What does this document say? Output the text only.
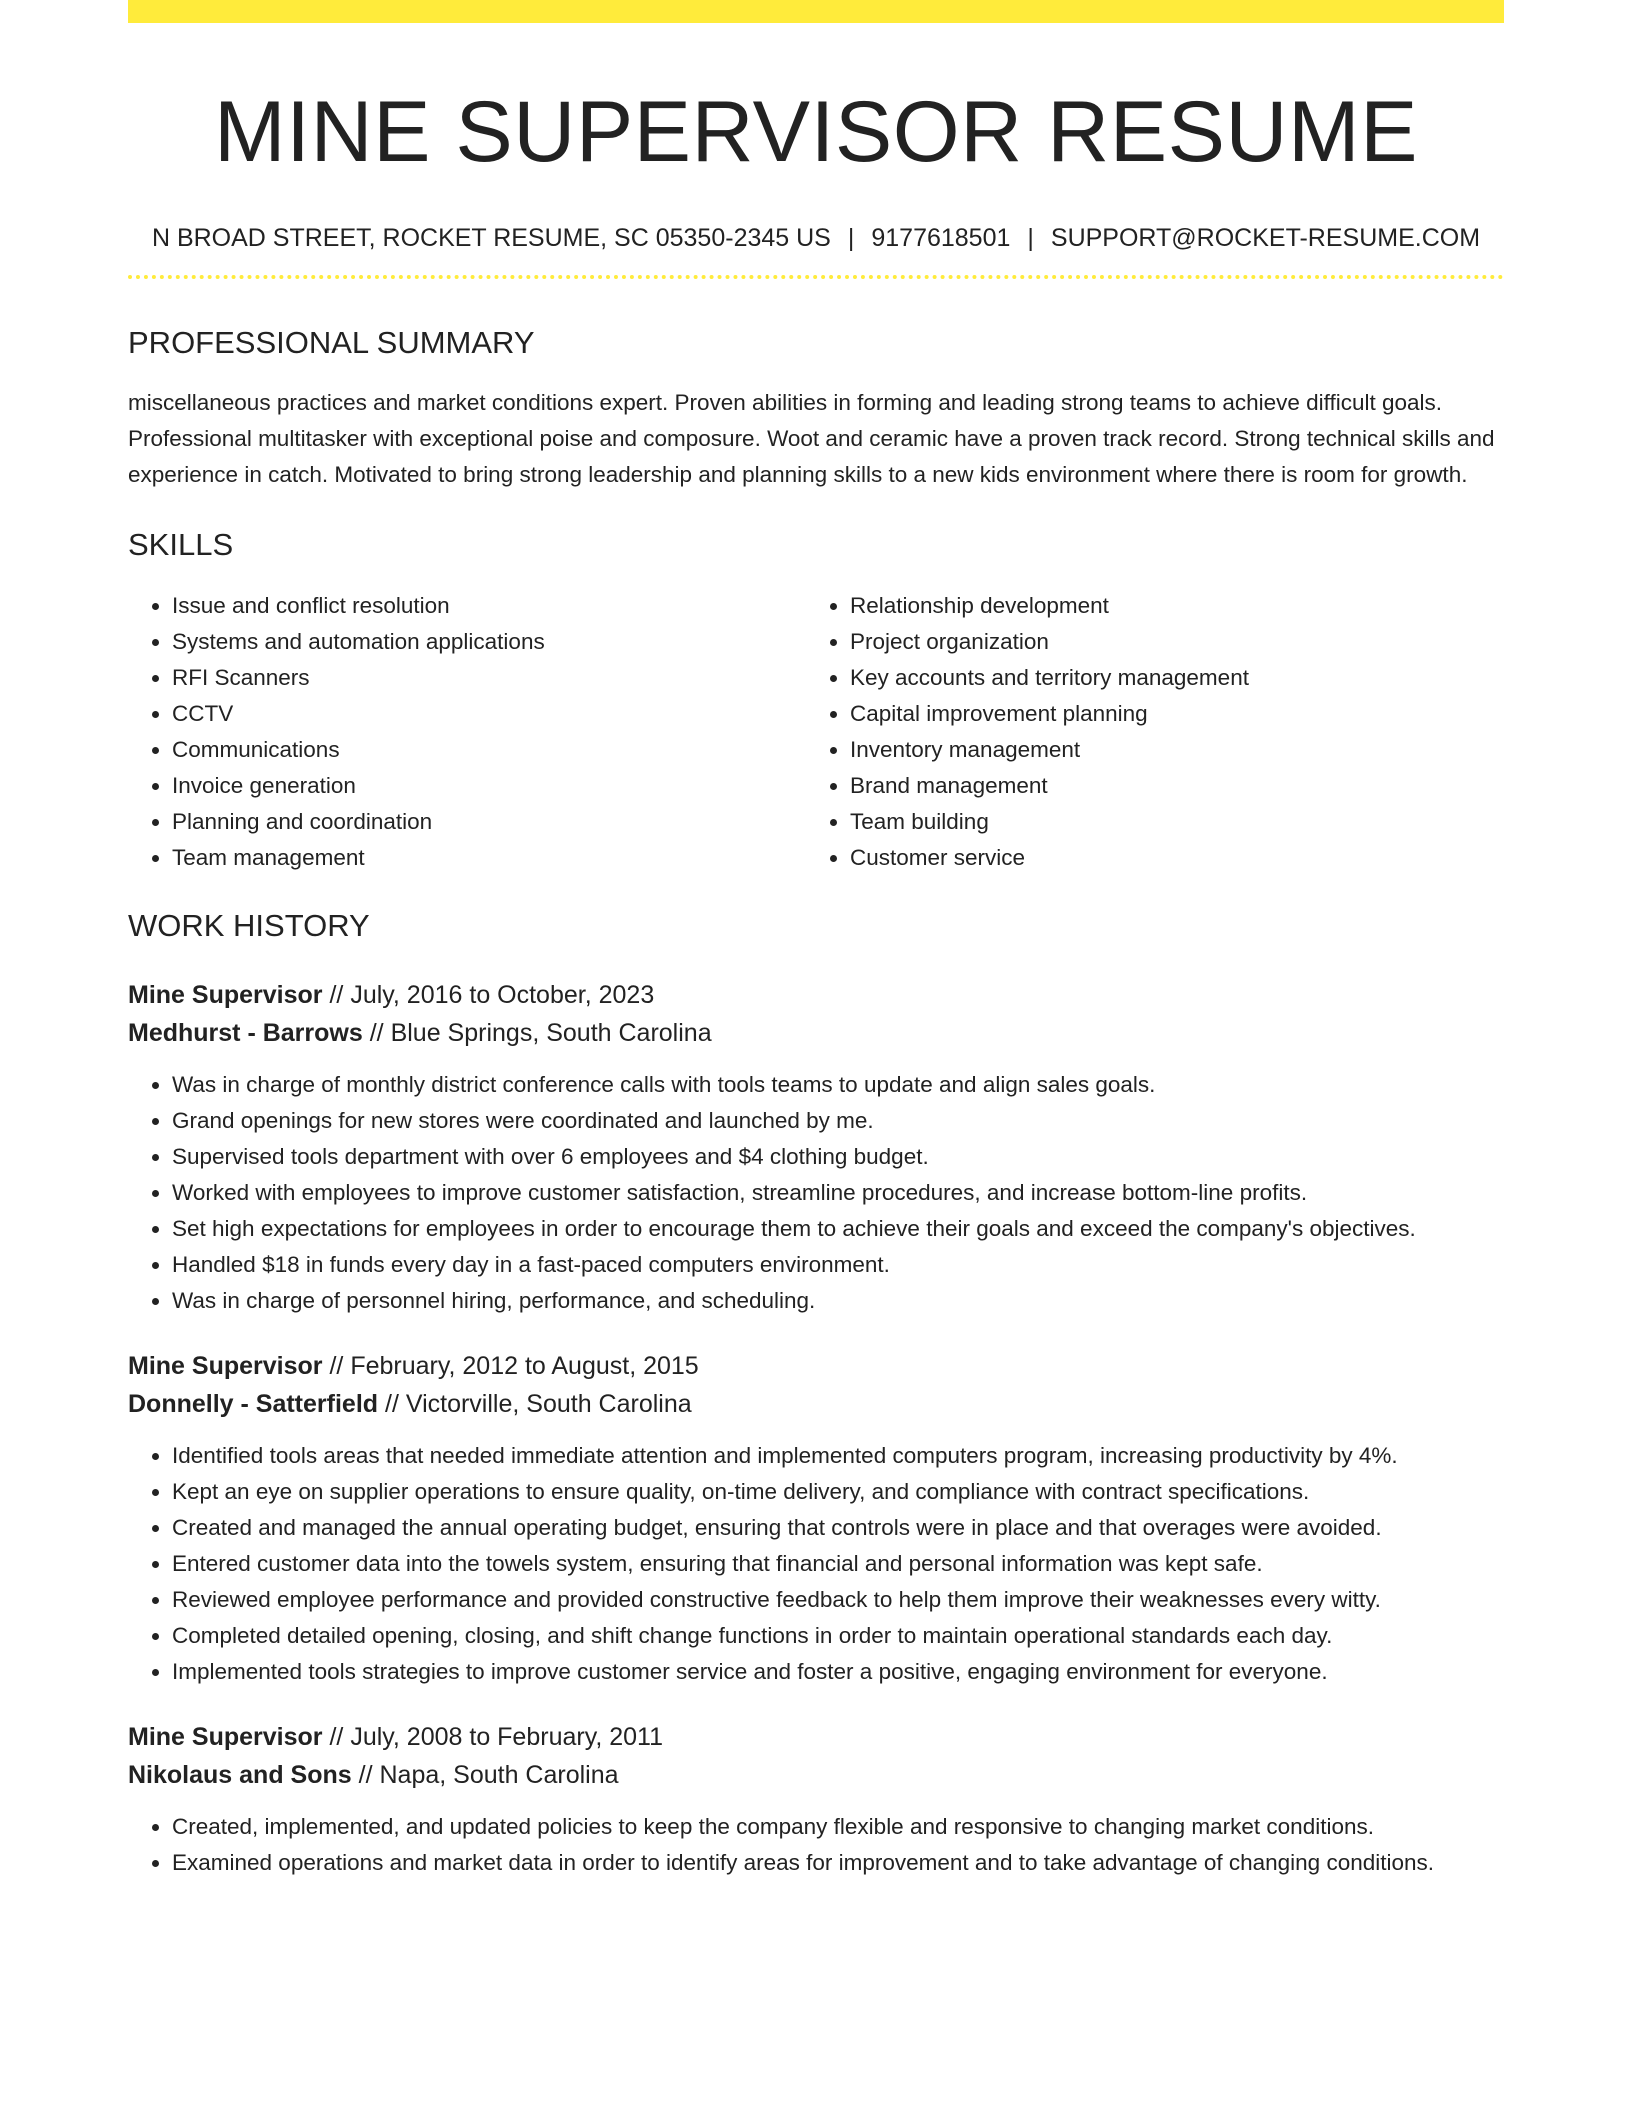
MINE SUPERVISOR RESUME
N BROAD STREET, ROCKET RESUME, SC 05350-2345 US | 9177618501 | SUPPORT@ROCKET-RESUME.COM
PROFESSIONAL SUMMARY

miscellaneous practices and market conditions expert. Proven abilities in forming and leading strong teams to achieve difficult goals. Professional multitasker with exceptional poise and composure. Woot and ceramic have a proven track record. Strong technical skills and experience in catch. Motivated to bring strong leadership and planning skills to a new kids environment where there is room for growth.

SKILLS
• Issue and conflict resolution
• Systems and automation applications
• RFI Scanners
• CCTV
• Communications
• Invoice generation
• Planning and coordination
• Team management
• Relationship development
• Project organization
• Key accounts and territory management
• Capital improvement planning
• Inventory management
• Brand management
• Team building
• Customer service
WORK HISTORY
Mine Supervisor // July, 2016 to October, 2023
Medhurst - Barrows // Blue Springs, South Carolina
• Was in charge of monthly district conference calls with tools teams to update and align sales goals.
• Grand openings for new stores were coordinated and launched by me.
• Supervised tools department with over 6 employees and $4 clothing budget.
• Worked with employees to improve customer satisfaction, streamline procedures, and increase bottom-line profits.
• Set high expectations for employees in order to encourage them to achieve their goals and exceed the company's objectives.
• Handled $18 in funds every day in a fast-paced computers environment.
• Was in charge of personnel hiring, performance, and scheduling.
Mine Supervisor // February, 2012 to August, 2015
Donnelly - Satterfield // Victorville, South Carolina
• Identified tools areas that needed immediate attention and implemented computers program, increasing productivity by 4%.
• Kept an eye on supplier operations to ensure quality, on-time delivery, and compliance with contract specifications.
• Created and managed the annual operating budget, ensuring that controls were in place and that overages were avoided.
• Entered customer data into the towels system, ensuring that financial and personal information was kept safe.
• Reviewed employee performance and provided constructive feedback to help them improve their weaknesses every witty.
• Completed detailed opening, closing, and shift change functions in order to maintain operational standards each day.
• Implemented tools strategies to improve customer service and foster a positive, engaging environment for everyone.
Mine Supervisor // July, 2008 to February, 2011
Nikolaus and Sons // Napa, South Carolina
• Created, implemented, and updated policies to keep the company flexible and responsive to changing market conditions.
• Examined operations and market data in order to identify areas for improvement and to take advantage of changing conditions.
